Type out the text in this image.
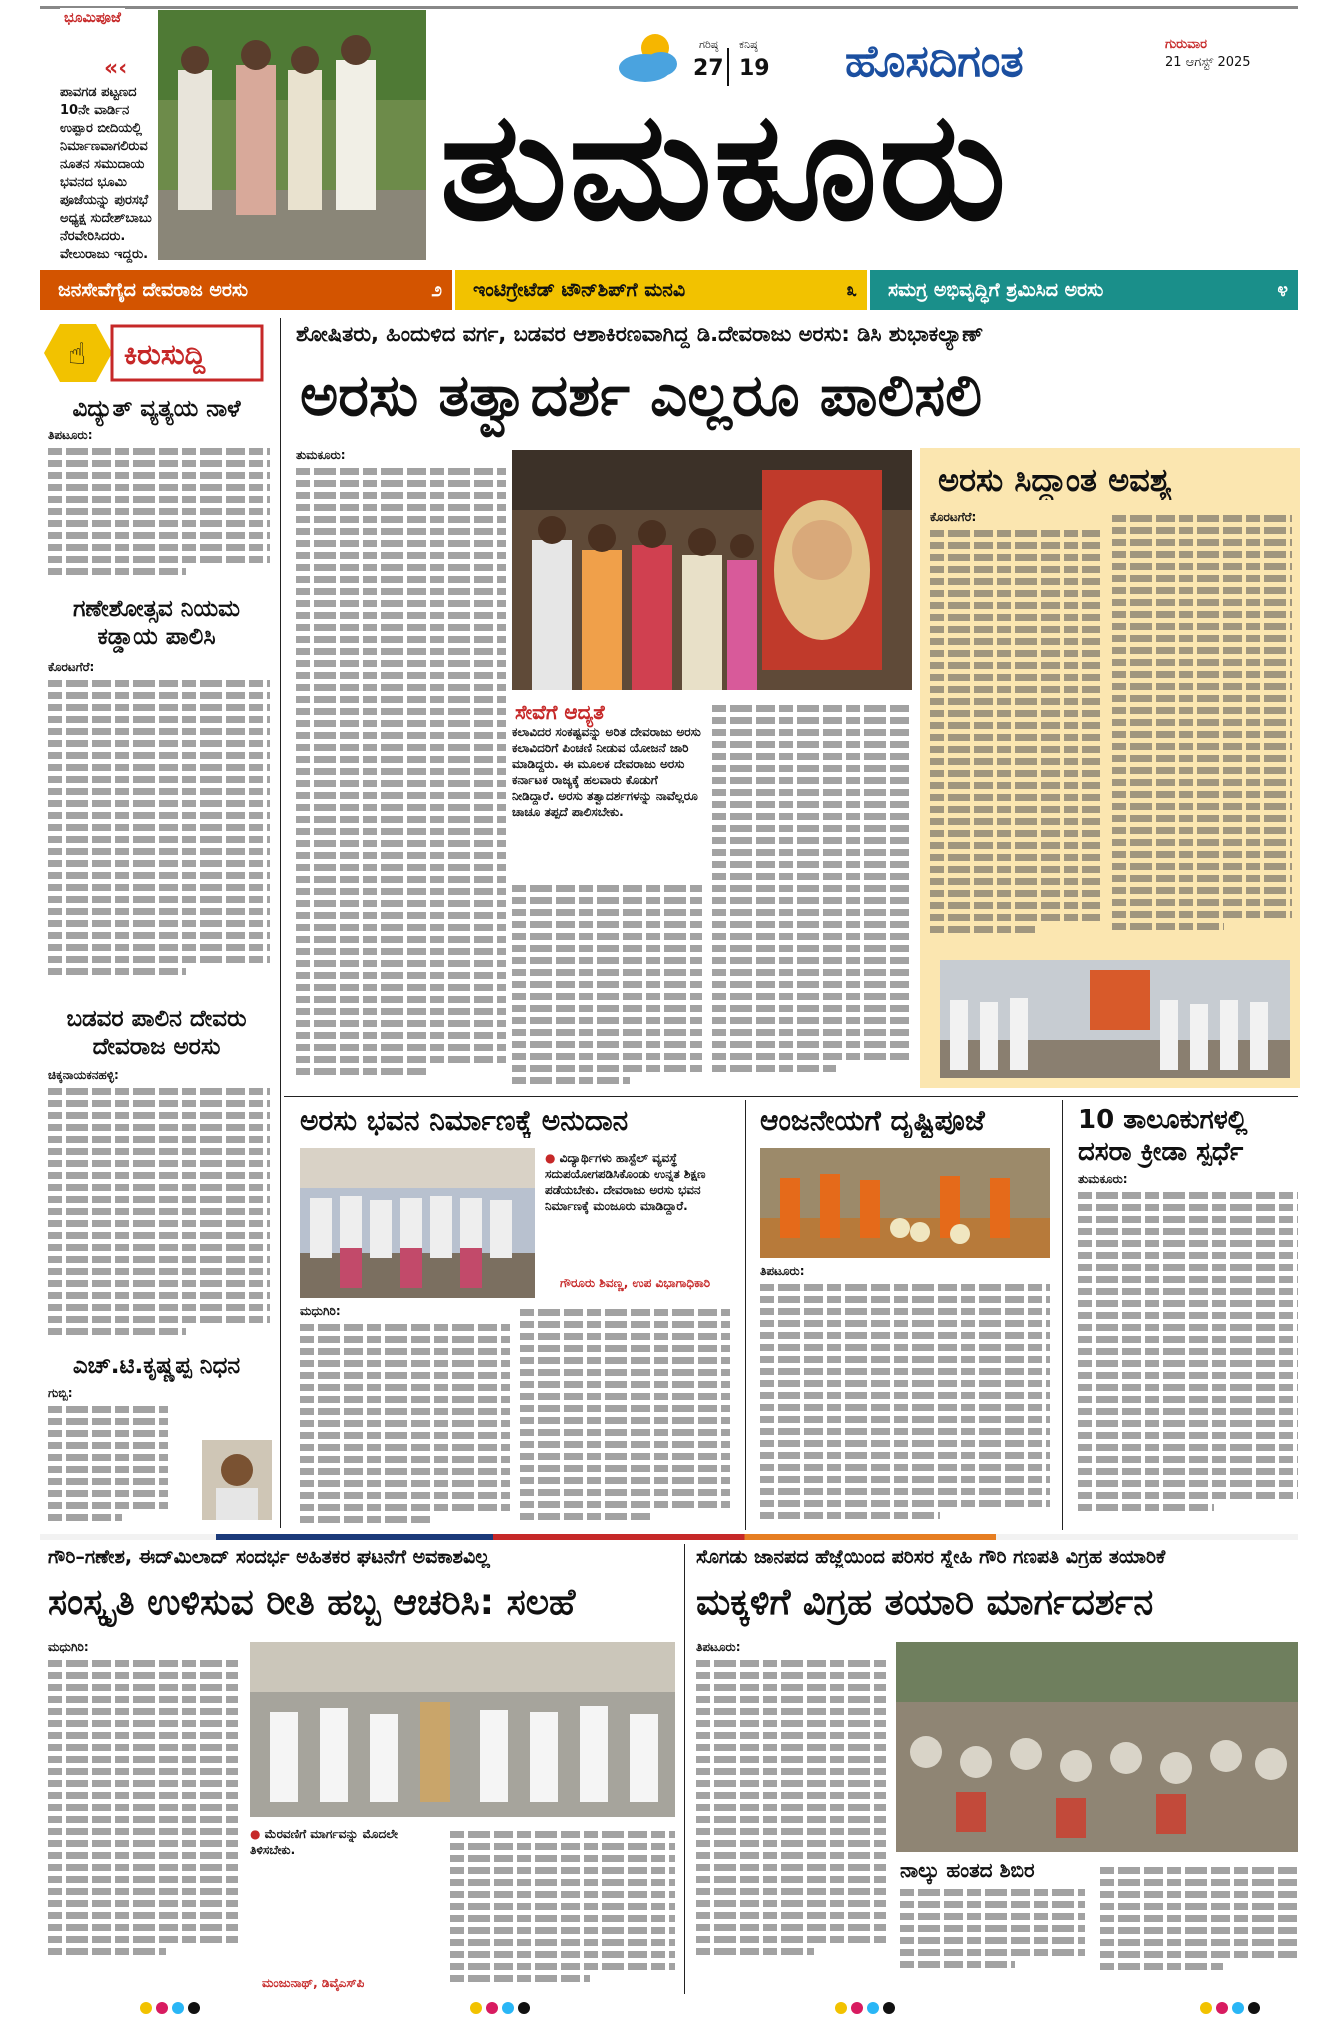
ಭೂಮಿಪೂಜೆ
«‹
ಪಾವಗಡ ಪಟ್ಟಣದ 10ನೇ ವಾರ್ಡಿನ ಉಪ್ಪಾರ ಬೀದಿಯಲ್ಲಿ ನಿರ್ಮಾಣವಾಗಲಿರುವ ನೂತನ ಸಮುದಾಯ ಭವನದ ಭೂಮಿ ಪೂಜೆಯನ್ನು ಪುರಸಭೆ ಅಧ್ಯಕ್ಷ ಸುದೇಶ್‌ಬಾಬು ನೆರವೇರಿಸಿದರು. ವೇಲುರಾಜು ಇದ್ದರು.
ಗರಿಷ್ಠ
27
ಕನಿಷ್ಠ
19 ಹೊಸದಿಗಂತ	ಗುರುವಾರ
21 ಆಗಸ್ಟ್ 2025
ತುಮಕೂರು
ಜನಸೇವೆಗೈದ ದೇವರಾಜ ಅರಸು	೨ ಇಂಟಿಗ್ರೇಟೆಡ್ ಟೌನ್‌ಶಿಪ್‌ಗೆ ಮನವಿ	೩ ಸಮಗ್ರ ಅಭಿವೃದ್ಧಿಗೆ ಶ್ರಮಿಸಿದ ಅರಸು	೪
☝ ಕಿರುಸುದ್ದಿ
ವಿದ್ಯುತ್ ವ್ಯತ್ಯಯ ನಾಳೆ
ತಿಪಟೂರು:
ಗಣೇಶೋತ್ಸವ ನಿಯಮ ಕಡ್ಡಾಯ ಪಾಲಿಸಿ
ಕೊರಟಗೆರೆ:
ಬಡವರ ಪಾಲಿನ ದೇವರು ದೇವರಾಜ ಅರಸು
ಚಿಕ್ಕನಾಯಕನಹಳ್ಳಿ:
ಎಚ್.ಟಿ.ಕೃಷ್ಣಪ್ಪ ನಿಧನ
ಗುಬ್ಬಿ:
ಶೋಷಿತರು, ಹಿಂದುಳಿದ ವರ್ಗ, ಬಡವರ ಆಶಾಕಿರಣವಾಗಿದ್ದ ಡಿ.ದೇವರಾಜು ಅರಸು: ಡಿಸಿ ಶುಭಾಕಲ್ಯಾಣ್
ಅರಸು ತತ್ವಾದರ್ಶ ಎಲ್ಲರೂ ಪಾಲಿಸಲಿ
ತುಮಕೂರು:
ಸೇವೆಗೆ ಆದ್ಯತೆ
ಕಲಾವಿದರ ಸಂಕಷ್ಟವನ್ನು ಅರಿತ ದೇವರಾಜು ಅರಸು ಕಲಾವಿದರಿಗೆ ಪಿಂಚಣಿ ನೀಡುವ ಯೋಜನೆ ಜಾರಿ ಮಾಡಿದ್ದರು. ಈ ಮೂಲಕ ದೇವರಾಜು ಅರಸು ಕರ್ನಾಟಕ ರಾಜ್ಯಕ್ಕೆ ಹಲವಾರು ಕೊಡುಗೆ ನೀಡಿದ್ದಾರೆ. ಅರಸು ತತ್ವಾದರ್ಶಗಳನ್ನು ನಾವೆಲ್ಲರೂ ಚಾಚೂ ತಪ್ಪದೆ ಪಾಲಿಸಬೇಕು.
ಅರಸು ಸಿದ್ಧಾಂತ ಅವಶ್ಯ
ಕೊರಟಗೆರೆ:
ಅರಸು ಭವನ ನಿರ್ಮಾಣಕ್ಕೆ ಅನುದಾನ
● ವಿದ್ಯಾರ್ಥಿಗಳು ಹಾಸ್ಟೆಲ್ ವ್ಯವಸ್ಥೆ ಸದುಪಯೋಗಪಡಿಸಿಕೊಂಡು ಉನ್ನತ ಶಿಕ್ಷಣ ಪಡೆಯಬೇಕು. ದೇವರಾಜು ಅರಸು ಭವನ ನಿರ್ಮಾಣಕ್ಕೆ ಮಂಜೂರು ಮಾಡಿದ್ದಾರೆ.
ಗೌರೂರು ಶಿವಣ್ಣ, ಉಪ ವಿಭಾಗಾಧಿಕಾರಿ
ಮಧುಗಿರಿ:
ಆಂಜನೇಯಗೆ ದೃಷ್ಟಿಪೂಜೆ
ತಿಪಟೂರು:
10 ತಾಲೂಕುಗಳಲ್ಲಿ ದಸರಾ ಕ್ರೀಡಾ ಸ್ಪರ್ಧೆ
ತುಮಕೂರು:
ಗೌರಿ–ಗಣೇಶ, ಈದ್‌ಮಿಲಾದ್ ಸಂದರ್ಭ ಅಹಿತಕರ ಘಟನೆಗೆ ಅವಕಾಶವಿಲ್ಲ
ಸಂಸ್ಕೃತಿ ಉಳಿಸುವ ರೀತಿ ಹಬ್ಬ ಆಚರಿಸಿ: ಸಲಹೆ
ಮಧುಗಿರಿ:
● ಮೆರವಣಿಗೆ ಮಾರ್ಗವನ್ನು ಮೊದಲೇ ತಿಳಿಸಬೇಕು.
ಮಂಜುನಾಥ್, ಡಿವೈಎಸ್‌ಪಿ
ಸೊಗಡು ಜಾನಪದ ಹೆಜ್ಜೆಯಿಂದ ಪರಿಸರ ಸ್ನೇಹಿ ಗೌರಿ ಗಣಪತಿ ವಿಗ್ರಹ ತಯಾರಿಕೆ
ಮಕ್ಕಳಿಗೆ ವಿಗ್ರಹ ತಯಾರಿ ಮಾರ್ಗದರ್ಶನ
ತಿಪಟೂರು:
ನಾಲ್ಕು ಹಂತದ ಶಿಬಿರ
